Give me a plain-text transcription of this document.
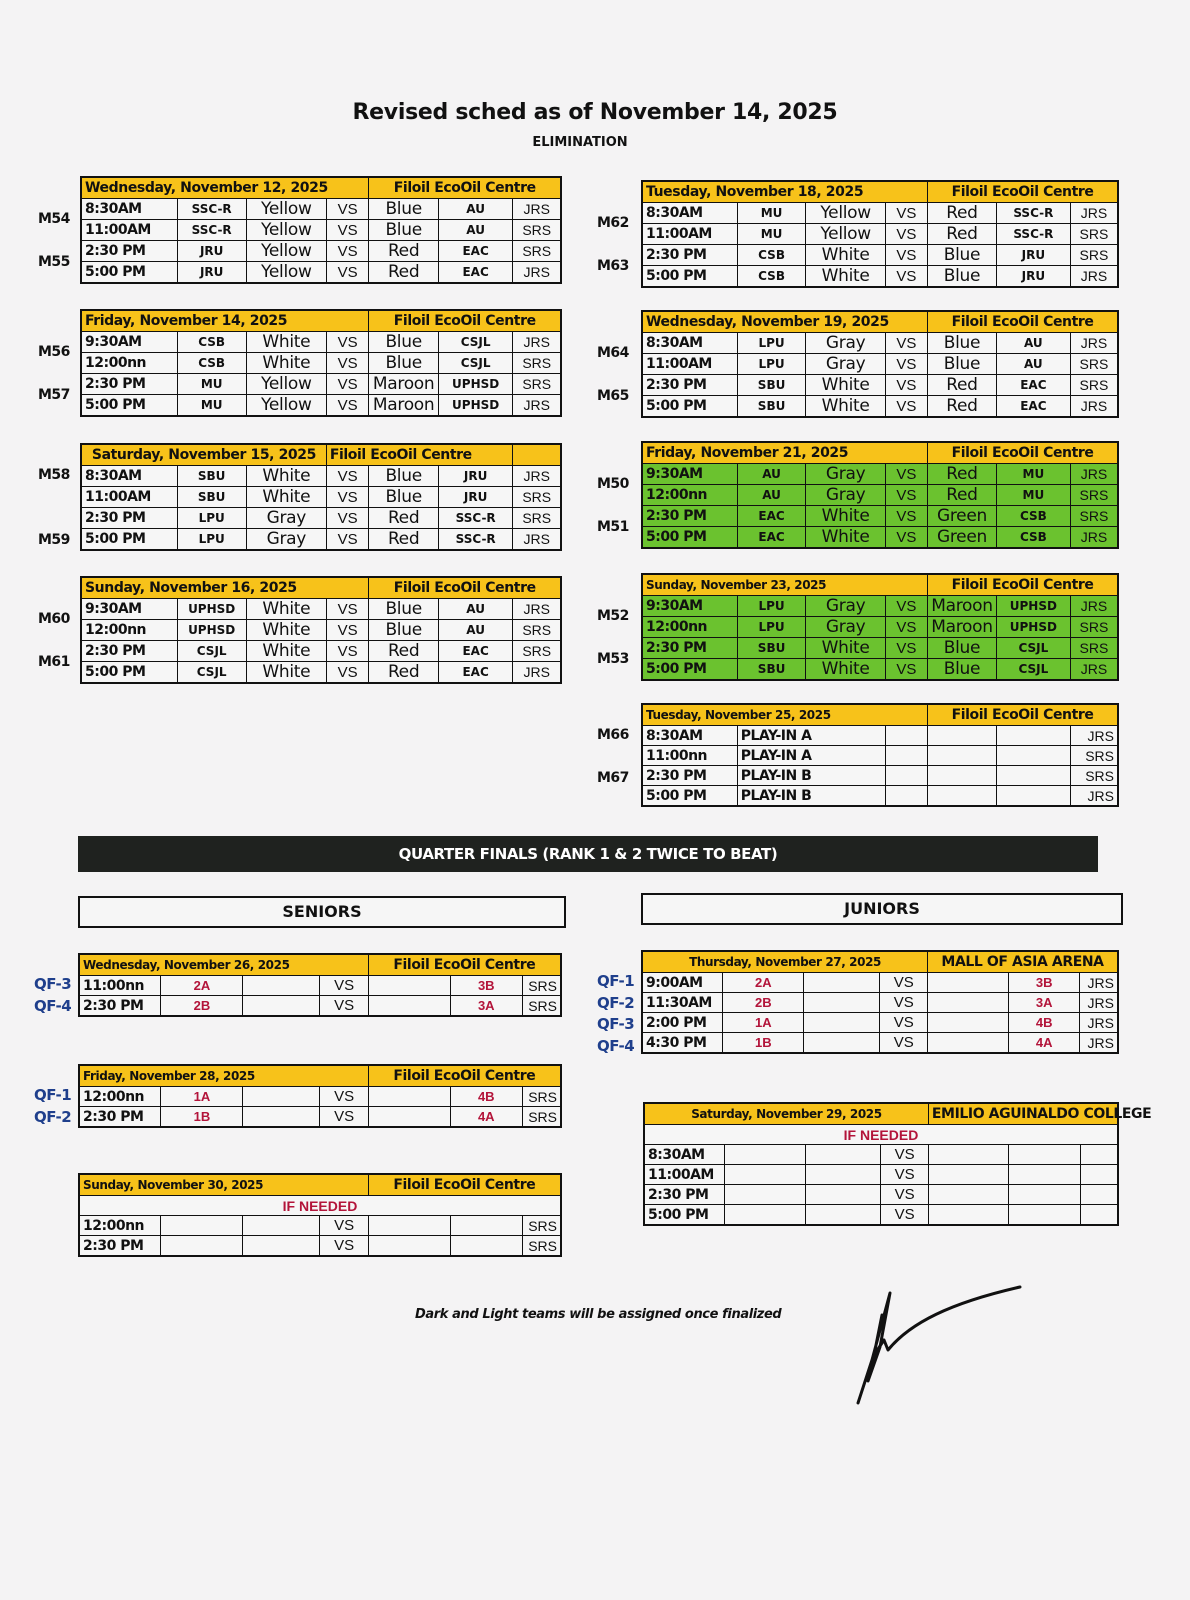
Revised sched as of November 14, 2025
ELIMINATION
Wednesday, November 12, 2025				Filoil EcoOil Centre		
8:30AM	SSC-R	Yellow	VS	Blue	AU	JRS
11:00AM	SSC-R	Yellow	VS	Blue	AU	SRS
2:30 PM	JRU	Yellow	VS	Red	EAC	SRS
5:00 PM	JRU	Yellow	VS	Red	EAC	JRS
M54
M55
Friday, November 14, 2025				Filoil EcoOil Centre		
9:30AM	CSB	White	VS	Blue	CSJL	JRS
12:00nn	CSB	White	VS	Blue	CSJL	SRS
2:30 PM	MU	Yellow	VS	Maroon	UPHSD	SRS
5:00 PM	MU	Yellow	VS	Maroon	UPHSD	JRS
M56
M57
Saturday, November 15, 2025			Filoil EcoOil Centre			
8:30AM	SBU	White	VS	Blue	JRU	JRS
11:00AM	SBU	White	VS	Blue	JRU	SRS
2:30 PM	LPU	Gray	VS	Red	SSC-R	SRS
5:00 PM	LPU	Gray	VS	Red	SSC-R	JRS
M58
M59
Sunday, November 16, 2025				Filoil EcoOil Centre		
9:30AM	UPHSD	White	VS	Blue	AU	JRS
12:00nn	UPHSD	White	VS	Blue	AU	SRS
2:30 PM	CSJL	White	VS	Red	EAC	SRS
5:00 PM	CSJL	White	VS	Red	EAC	JRS
M60
M61
Tuesday, November 18, 2025				Filoil EcoOil Centre		
8:30AM	MU	Yellow	VS	Red	SSC-R	JRS
11:00AM	MU	Yellow	VS	Red	SSC-R	SRS
2:30 PM	CSB	White	VS	Blue	JRU	SRS
5:00 PM	CSB	White	VS	Blue	JRU	JRS
M62
M63
Wednesday, November 19, 2025				Filoil EcoOil Centre		
8:30AM	LPU	Gray	VS	Blue	AU	JRS
11:00AM	LPU	Gray	VS	Blue	AU	SRS
2:30 PM	SBU	White	VS	Red	EAC	SRS
5:00 PM	SBU	White	VS	Red	EAC	JRS
M64
M65
Friday, November 21, 2025				Filoil EcoOil Centre		
9:30AM	AU	Gray	VS	Red	MU	JRS
12:00nn	AU	Gray	VS	Red	MU	SRS
2:30 PM	EAC	White	VS	Green	CSB	SRS
5:00 PM	EAC	White	VS	Green	CSB	JRS
M50
M51
Sunday, November 23, 2025				Filoil EcoOil Centre		
9:30AM	LPU	Gray	VS	Maroon	UPHSD	JRS
12:00nn	LPU	Gray	VS	Maroon	UPHSD	SRS
2:30 PM	SBU	White	VS	Blue	CSJL	SRS
5:00 PM	SBU	White	VS	Blue	CSJL	JRS
M52
M53
Tuesday, November 25, 2025			Filoil EcoOil Centre		
8:30AM	PLAY-IN A				JRS
11:00nn	PLAY-IN A				SRS
2:30 PM	PLAY-IN B				SRS
5:00 PM	PLAY-IN B				JRS
M66
M67
QUARTER FINALS (RANK 1 & 2 TWICE TO BEAT)
SENIORS	JUNIORS
Wednesday, November 26, 2025				Filoil EcoOil Centre		
11:00nn	2A		VS		3B	SRS
2:30 PM	2B		VS		3A	SRS
QF-3
QF-4
Friday, November 28, 2025				Filoil EcoOil Centre		
12:00nn	1A		VS		4B	SRS
2:30 PM	1B		VS		4A	SRS
QF-1
QF-2
Sunday, November 30, 2025				Filoil EcoOil Centre		
IF NEEDED						
12:00nn			VS			SRS
2:30 PM			VS			SRS
Thursday, November 27, 2025				MALL OF ASIA ARENA		
9:00AM	2A		VS		3B	JRS
11:30AM	2B		VS		3A	JRS
2:00 PM	1A		VS		4B	JRS
4:30 PM	1B		VS		4A	JRS
QF-1
QF-2
QF-3
QF-4
Saturday, November 29, 2025				EMILIO AGUINALDO COLLEGE		
IF NEEDED						
8:30AM			VS			
11:00AM			VS			
2:30 PM			VS			
5:00 PM			VS			
Dark and Light teams will be assigned once finalized
